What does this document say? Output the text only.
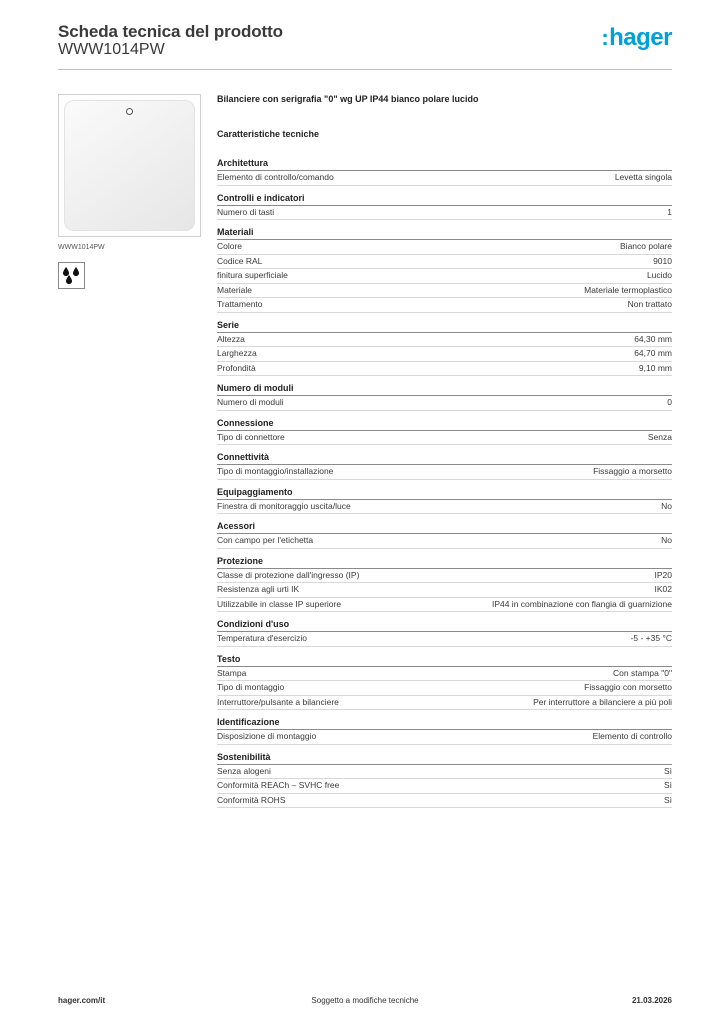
Scheda tecnica del prodotto
WWW1014PW	:hager
WWW1014PW
Bilanciere con serigrafia "0" wg UP IP44 bianco polare lucido
Caratteristiche tecniche
Architettura
Elemento di controllo/comando	Levetta singola
Controlli e indicatori
Numero di tasti	1
Materiali
Colore	Bianco polare
Codice RAL	9010
finitura superficiale	Lucido
Materiale	Materiale termoplastico
Trattamento	Non trattato
Serie
Altezza	64,30 mm
Larghezza	64,70 mm
Profondità	9,10 mm
Numero di moduli
Numero di moduli	0
Connessione
Tipo di connettore	Senza
Connettività
Tipo di montaggio/installazione	Fissaggio a morsetto
Equipaggiamento
Finestra di monitoraggio uscita/luce	No
Acessori
Con campo per l'etichetta	No
Protezione
Classe di protezione dall'ingresso (IP)	IP20
Resistenza agli urti IK	IK02
Utilizzabile in classe IP superiore	IP44 in combinazione con flangia di guarnizione
Condizioni d'uso
Temperatura d'esercizio	-5 - +35 °C
Testo
Stampa	Con stampa "0"
Tipo di montaggio	Fissaggio con morsetto
Interruttore/pulsante a bilanciere	Per interruttore a bilanciere a più poli
Identificazione
Disposizione di montaggio	Elemento di controllo
Sostenibilità
Senza alogeni	Sì
Conformità REACh – SVHC free	Sì
Conformità ROHS	Sì
hager.com/it	Soggetto a modifiche tecniche	21.03.2026
